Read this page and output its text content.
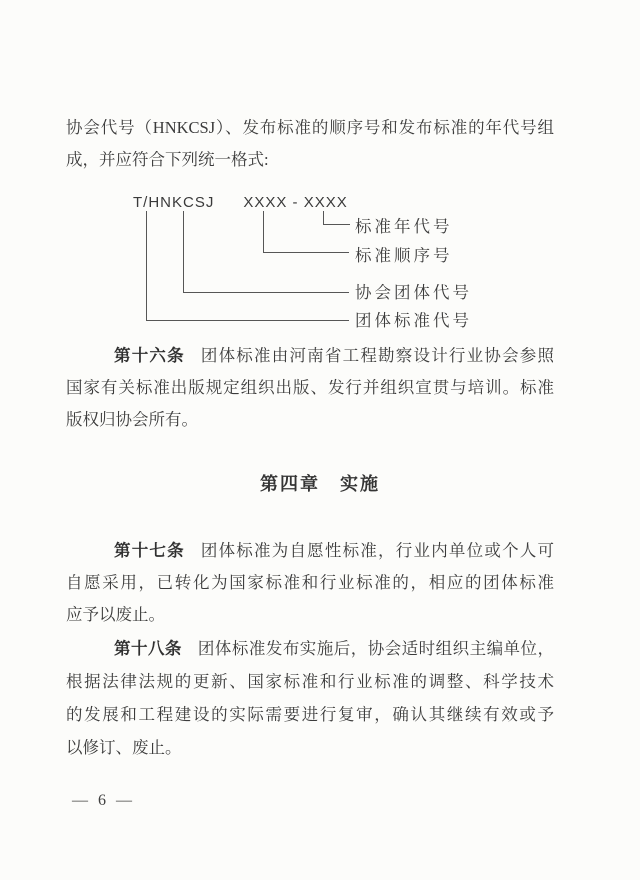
协会代号（HNKCSJ）、发布标准的顺序号和发布标准的年代号组
成，并应符合下列统一格式:
T/HNKCSJ XXXX - XXXX
标准年代号
标准顺序号
协会团体代号
团体标准代号
第十六条 团体标准由河南省工程勘察设计行业协会参照
国家有关标准出版规定组织出版、发行并组织宣贯与培训。标准
版权归协会所有。
第四章　实施
第十七条 团体标准为自愿性标准，行业内单位或个人可
自愿采用，已转化为国家标准和行业标准的，相应的团体标准
应予以废止。
第十八条 团体标准发布实施后，协会适时组织主编单位，
根据法律法规的更新、国家标准和行业标准的调整、科学技术
的发展和工程建设的实际需要进行复审，确认其继续有效或予
以修订、废止。
— 6 —
